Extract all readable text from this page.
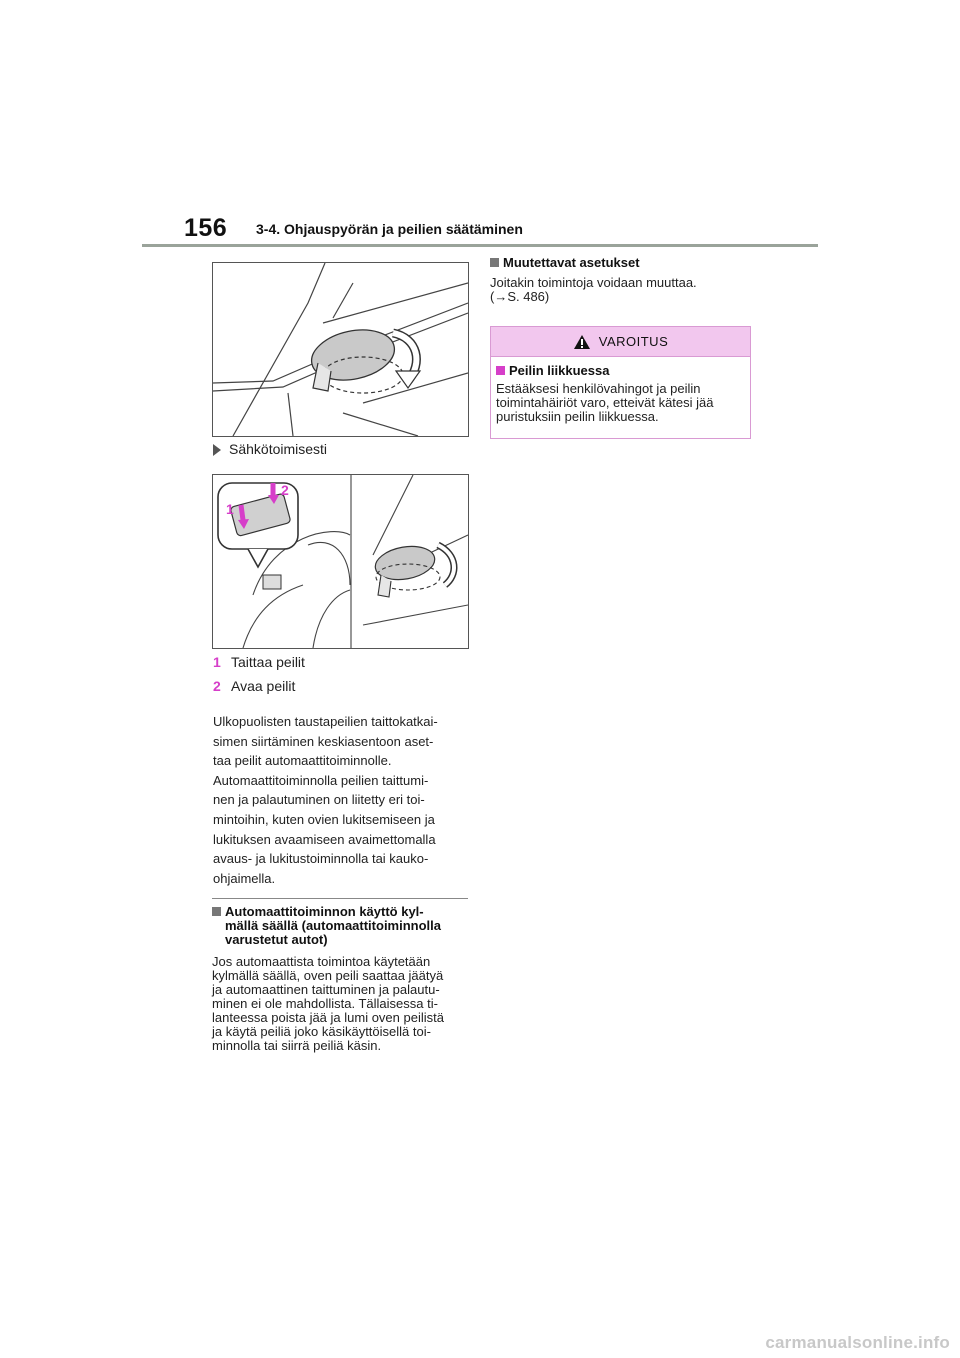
156 3-4. Ohjauspyörän ja peilien säätäminen
Sähkötoimisesti
1
2
1 Taittaa peilit
2 Avaa peilit

Ulkopuolisten taustapeilien taittokatkai-

simen siirtäminen keskiasentoon aset-

taa peilit automaattitoiminnolle.

Automaattitoiminnolla peilien taittumi-

nen ja palautuminen on liitetty eri toi-

mintoihin, kuten ovien lukitsemiseen ja

lukituksen avaamiseen avaimettomalla

avaus- ja lukitustoiminnolla tai kauko-

ohjaimella.

Automaattitoiminnon käyttö kyl-
mällä säällä (automaattitoiminnolla
varustetut autot)
Jos automaattista toimintoa käytetään
kylmällä säällä, oven peili saattaa jäätyä
ja automaattinen taittuminen ja palautu-
minen ei ole mahdollista. Tällaisessa ti-
lanteessa poista jää ja lumi oven peilistä
ja käytä peiliä joko käsikäyttöisellä toi-
minnolla tai siirrä peiliä käsin.
Muutettavat asetukset
Joitakin toimintoja voidaan muuttaa.
(→S. 486)
VAROITUS
Peilin liikkuessa
Estääksesi henkilövahingot ja peilin
toimintahäiriöt varo, etteivät kätesi jää
puristuksiin peilin liikkuessa.
carmanualsonline.info
